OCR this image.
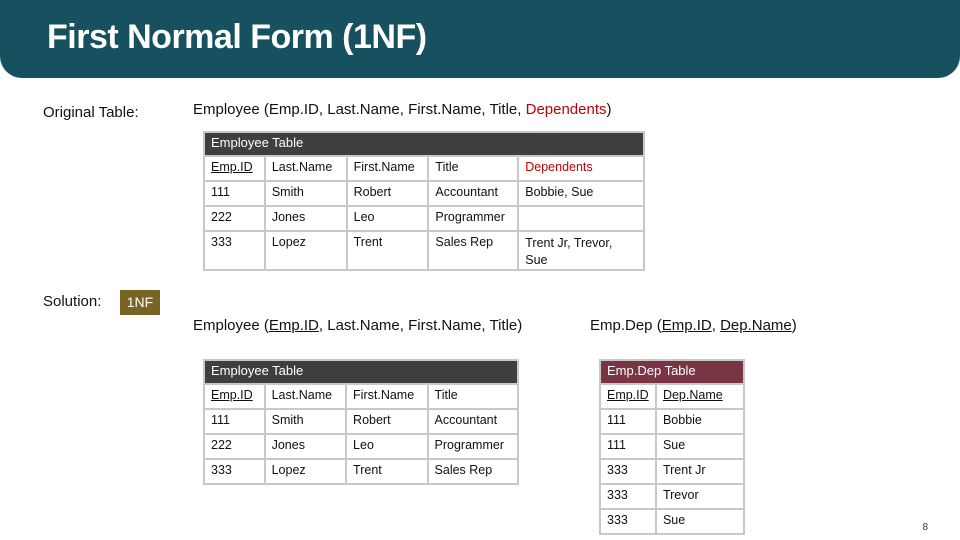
First Normal Form (1NF)
Original Table:	Employee (Emp.ID, Last.Name, First.Name, Title, Dependents)
Employee Table				
Emp.ID	Last.Name	First.Name	Title	Dependents
111	Smith	Robert	Accountant	Bobbie, Sue
222	Jones	Leo	Programmer	
333	Lopez	Trent	Sales Rep	Trent Jr, Trevor, Sue
Solution:	1NF
Employee (Emp.ID, Last.Name, First.Name, Title)	Emp.Dep (Emp.ID, Dep.Name)
Employee Table			
Emp.ID	Last.Name	First.Name	Title
111	Smith	Robert	Accountant
222	Jones	Leo	Programmer
333	Lopez	Trent	Sales Rep
Emp.Dep Table	
Emp.ID	Dep.Name
111	Bobbie
111	Sue
333	Trent Jr
333	Trevor
333	Sue
8
